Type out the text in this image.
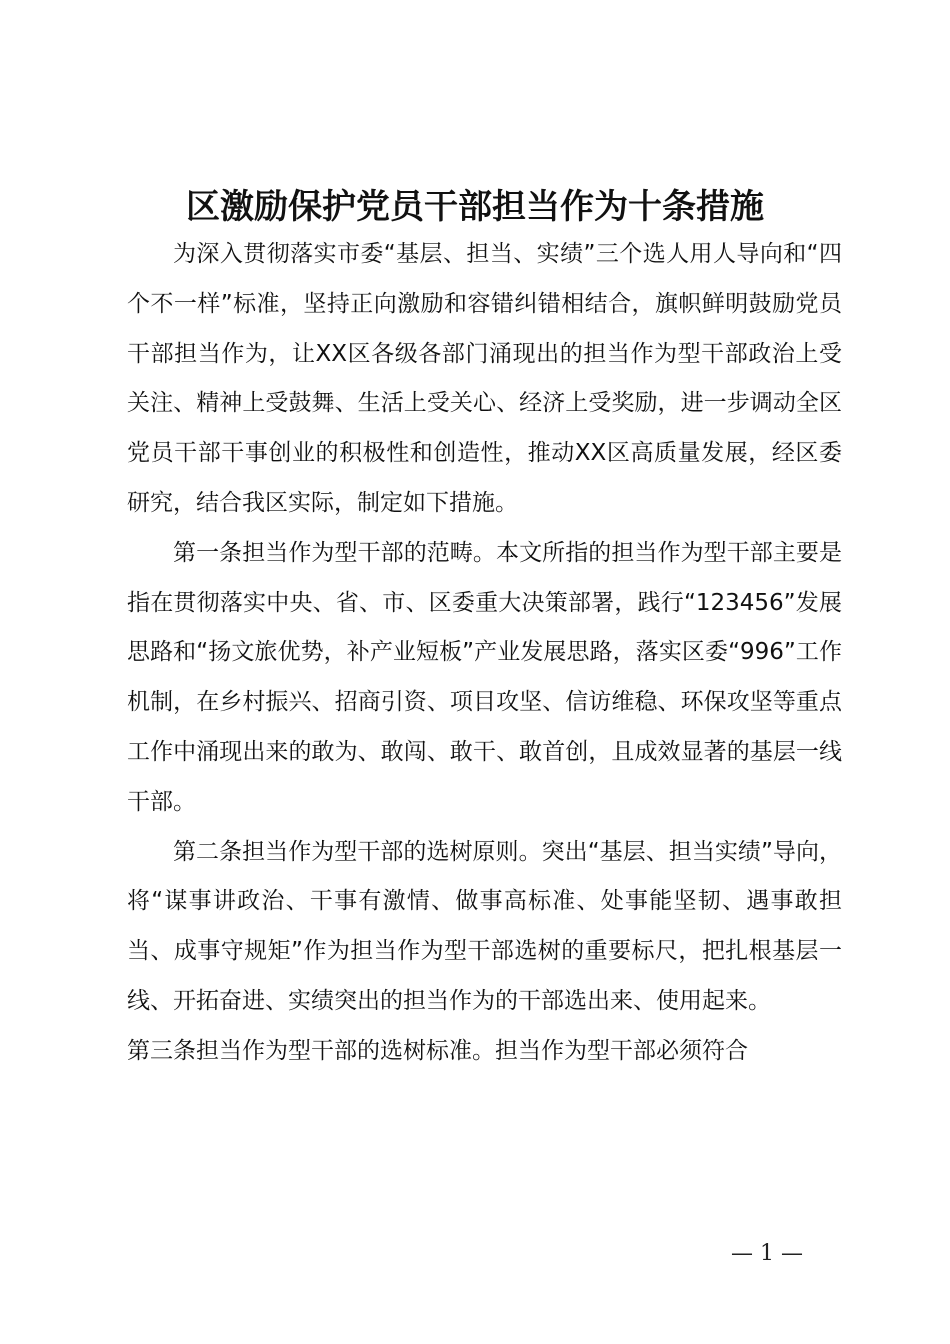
区激励保护党员干部担当作为十条措施

为深入贯彻落实市委“基层、担当、实绩”三个选人用人导向和“四个不一样”标准，坚持正向激励和容错纠错相结合，旗帜鲜明鼓励党员干部担当作为，让XX区各级各部门涌现出的担当作为型干部政治上受关注、精神上受鼓舞、生活上受关心、经济上受奖励，进一步调动全区党员干部干事创业的积极性和创造性，推动XX区高质量发展，经区委研究，结合我区实际，制定如下措施。

第一条担当作为型干部的范畴。本文所指的担当作为型干部主要是指在贯彻落实中央、省、市、区委重大决策部署，践行“123456”发展思路和“扬文旅优势，补产业短板”产业发展思路，落实区委“996”工作机制，在乡村振兴、招商引资、项目攻坚、信访维稳、环保攻坚等重点工作中涌现出来的敢为、敢闯、敢干、敢首创，且成效显著的基层一线干部。

第二条担当作为型干部的选树原则。突出“基层、担当实绩”导向，将“谋事讲政治、干事有激情、做事高标准、处事能坚韧、遇事敢担当、成事守规矩”作为担当作为型干部选树的重要标尺，把扎根基层一线、开拓奋进、实绩突出的担当作为的干部选出来、使用起来。

第三条担当作为型干部的选树标准。担当作为型干部必须符合

— 1 —
